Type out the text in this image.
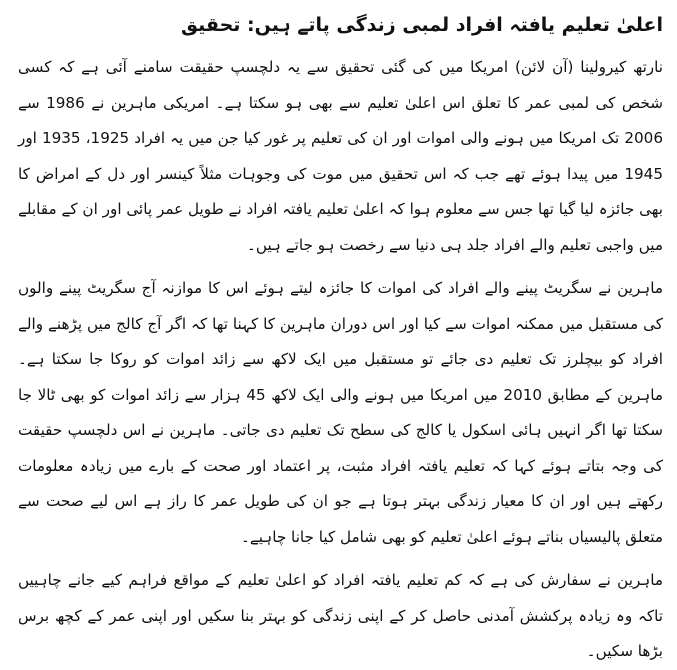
اعلیٰ تعلیم یافتہ افراد لمبی زندگی پاتے ہیں: تحقیق

نارتھ کیرولینا (آن لائن) امریکا میں کی گئی تحقیق سے یہ دلچسپ حقیقت سامنے آئی ہے کہ کسی شخص کی لمبی عمر کا تعلق اس اعلیٰ تعلیم سے بھی ہو سکتا ہے۔ امریکی ماہرین نے 1986 سے 2006 تک امریکا میں ہونے والی اموات اور ان کی تعلیم پر غور کیا جن میں یہ افراد 1925، 1935 اور 1945 میں پیدا ہوئے تھے جب کہ اس تحقیق میں موت کی وجوہات مثلاً کینسر اور دل کے امراض کا بھی جائزہ لیا گیا تھا جس سے معلوم ہوا کہ اعلیٰ تعلیم یافتہ افراد نے طویل عمر پائی اور ان کے مقابلے میں واجبی تعلیم والے افراد جلد ہی دنیا سے رخصت ہو جاتے ہیں۔

ماہرین نے سگریٹ پینے والے افراد کی اموات کا جائزہ لیتے ہوئے اس کا موازنہ آج سگریٹ پینے والوں کی مستقبل میں ممکنہ اموات سے کیا اور اس دوران ماہرین کا کہنا تھا کہ اگر آج کالج میں پڑھنے والے افراد کو بیچلرز تک تعلیم دی جائے تو مستقبل میں ایک لاکھ سے زائد اموات کو روکا جا سکتا ہے۔ ماہرین کے مطابق 2010 میں امریکا میں ہونے والی ایک لاکھ 45 ہزار سے زائد اموات کو بھی ٹالا جا سکتا تھا اگر انہیں ہائی اسکول یا کالج کی سطح تک تعلیم دی جاتی۔ ماہرین نے اس دلچسپ حقیقت کی وجہ بتاتے ہوئے کہا کہ تعلیم یافتہ افراد مثبت، پر اعتماد اور صحت کے بارے میں زیادہ معلومات رکھتے ہیں اور ان کا معیار زندگی بہتر ہوتا ہے جو ان کی طویل عمر کا راز ہے اس لیے صحت سے متعلق پالیسیاں بناتے ہوئے اعلیٰ تعلیم کو بھی شامل کیا جانا چاہیے۔

ماہرین نے سفارش کی ہے کہ کم تعلیم یافتہ افراد کو اعلیٰ تعلیم کے مواقع فراہم کیے جانے چاہییں تاکہ وہ زیادہ پرکشش آمدنی حاصل کر کے اپنی زندگی کو بہتر بنا سکیں اور اپنی عمر کے کچھ برس بڑھا سکیں۔
